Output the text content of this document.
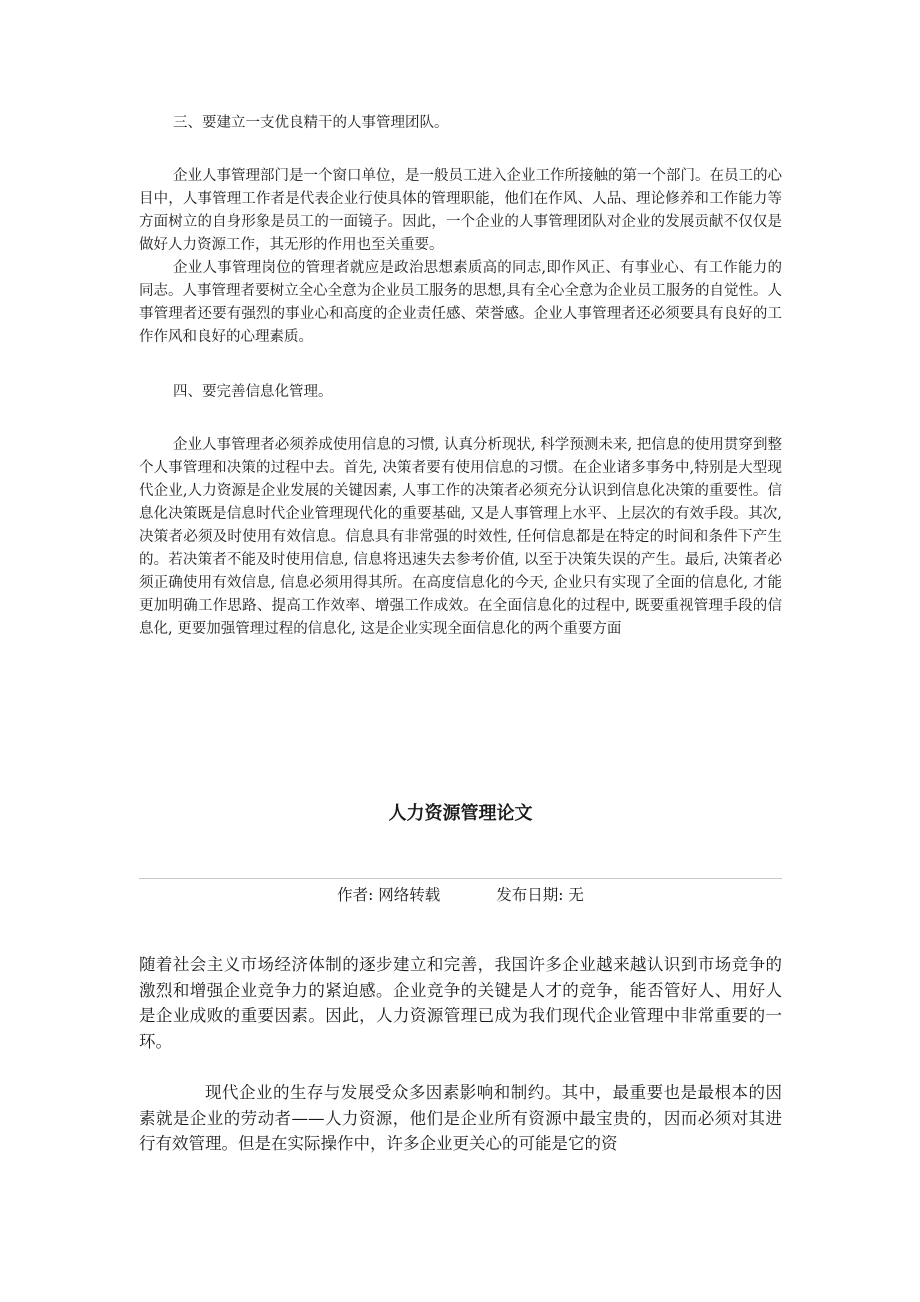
三、要建立一支优良精干的人事管理团队。

企业人事管理部门是一个窗口单位，是一般员工进入企业工作所接触的第一个部门。在员工的心目中，人事管理工作者是代表企业行使具体的管理职能，他们在作风、人品、理论修养和工作能力等方面树立的自身形象是员工的一面镜子。因此，一个企业的人事管理团队对企业的发展贡献不仅仅是做好人力资源工作，其无形的作用也至关重要。

企业人事管理岗位的管理者就应是政治思想素质高的同志,即作风正、有事业心、有工作能力的同志。人事管理者要树立全心全意为企业员工服务的思想,具有全心全意为企业员工服务的自觉性。人事管理者还要有强烈的事业心和高度的企业责任感、荣誉感。企业人事管理者还必须要具有良好的工作作风和良好的心理素质。

四、要完善信息化管理。

企业人事管理者必须养成使用信息的习惯, 认真分析现状, 科学预测未来, 把信息的使用贯穿到整个人事管理和决策的过程中去。首先, 决策者要有使用信息的习惯。在企业诸多事务中,特别是大型现代企业,人力资源是企业发展的关键因素, 人事工作的决策者必须充分认识到信息化决策的重要性。信息化决策既是信息时代企业管理现代化的重要基础, 又是人事管理上水平、上层次的有效手段。其次, 决策者必须及时使用有效信息。信息具有非常强的时效性, 任何信息都是在特定的时间和条件下产生的。若决策者不能及时使用信息, 信息将迅速失去参考价值, 以至于决策失误的产生。最后, 决策者必须正确使用有效信息, 信息必须用得其所。在高度信息化的今天, 企业只有实现了全面的信息化, 才能更加明确工作思路、提高工作效率、增强工作成效。在全面信息化的过程中, 既要重视管理手段的信息化, 更要加强管理过程的信息化, 这是企业实现全面信息化的两个重要方面

人力资源管理论文
作者: 网络转载	发布日期: 无

随着社会主义市场经济体制的逐步建立和完善，我国许多企业越来越认识到市场竞争的激烈和增强企业竞争力的紧迫感。企业竞争的关键是人才的竞争，能否管好人、用好人是企业成败的重要因素。因此，人力资源管理已成为我们现代企业管理中非常重要的一环。

现代企业的生存与发展受众多因素影响和制约。其中，最重要也是最根本的因素就是企业的劳动者——人力资源，他们是企业所有资源中最宝贵的，因而必须对其进行有效管理。但是在实际操作中，许多企业更关心的可能是它的资
